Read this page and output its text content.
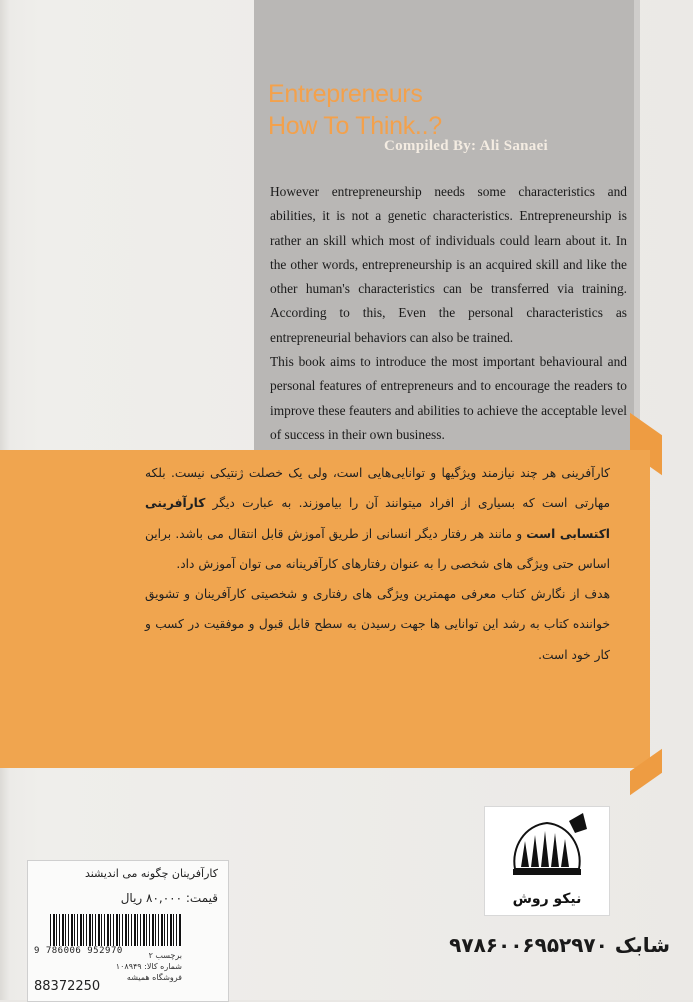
Entrepreneurs
How To Think..?
Compiled By: Ali Sanaei

However entrepreneurship needs some characteristics and abilities, it is not a genetic characteristics. Entrepreneurship is rather an skill which most of individuals could learn about it. In the other words, entrepreneurship is an acquired skill and like the other human's characteristics can be transferred via training. According to this, Even the personal characteristics as entrepreneurial behaviors can also be trained.

This book aims to introduce the most important behavioural and personal features of entrepreneurs and to encourage the readers to improve these feauters and abilities to achieve the acceptable level of success in their own business.

کارآفرینی هر چند نیازمند ویژگیها و توانایی‌هایی است، ولی یک خصلت ژنتیکی نیست. بلکه مهارتی است که بسیاری از افراد میتوانند آن را بیاموزند. به عبارت دیگر کارآفرینی اکتسابی است و مانند هر رفتار دیگر انسانی از طریق آموزش قابل انتقال می باشد. براین اساس حتی ویژگی های شخصی را به عنوان رفتارهای کارآفرینانه می توان آموزش داد.

هدف از نگارش کتاب معرفی مهمترین ویژگی های رفتاری و شخصیتی کارآفرینان و تشویق خواننده کتاب به رشد این توانایی ها جهت رسیدن به سطح قابل قبول و موفقیت در کسب و کار خود است.

نیکو روش
شابک ۹۷۸۶۰۰۶۹۵۲۹۷۰
کارآفرینان چگونه می اندیشند
قیمت: ۸۰,۰۰۰ ریال
9 786006 952970	برچسب ۲
شماره کالا: ۱۰۸۹۴۹
فروشگاه همیشه
88372250
